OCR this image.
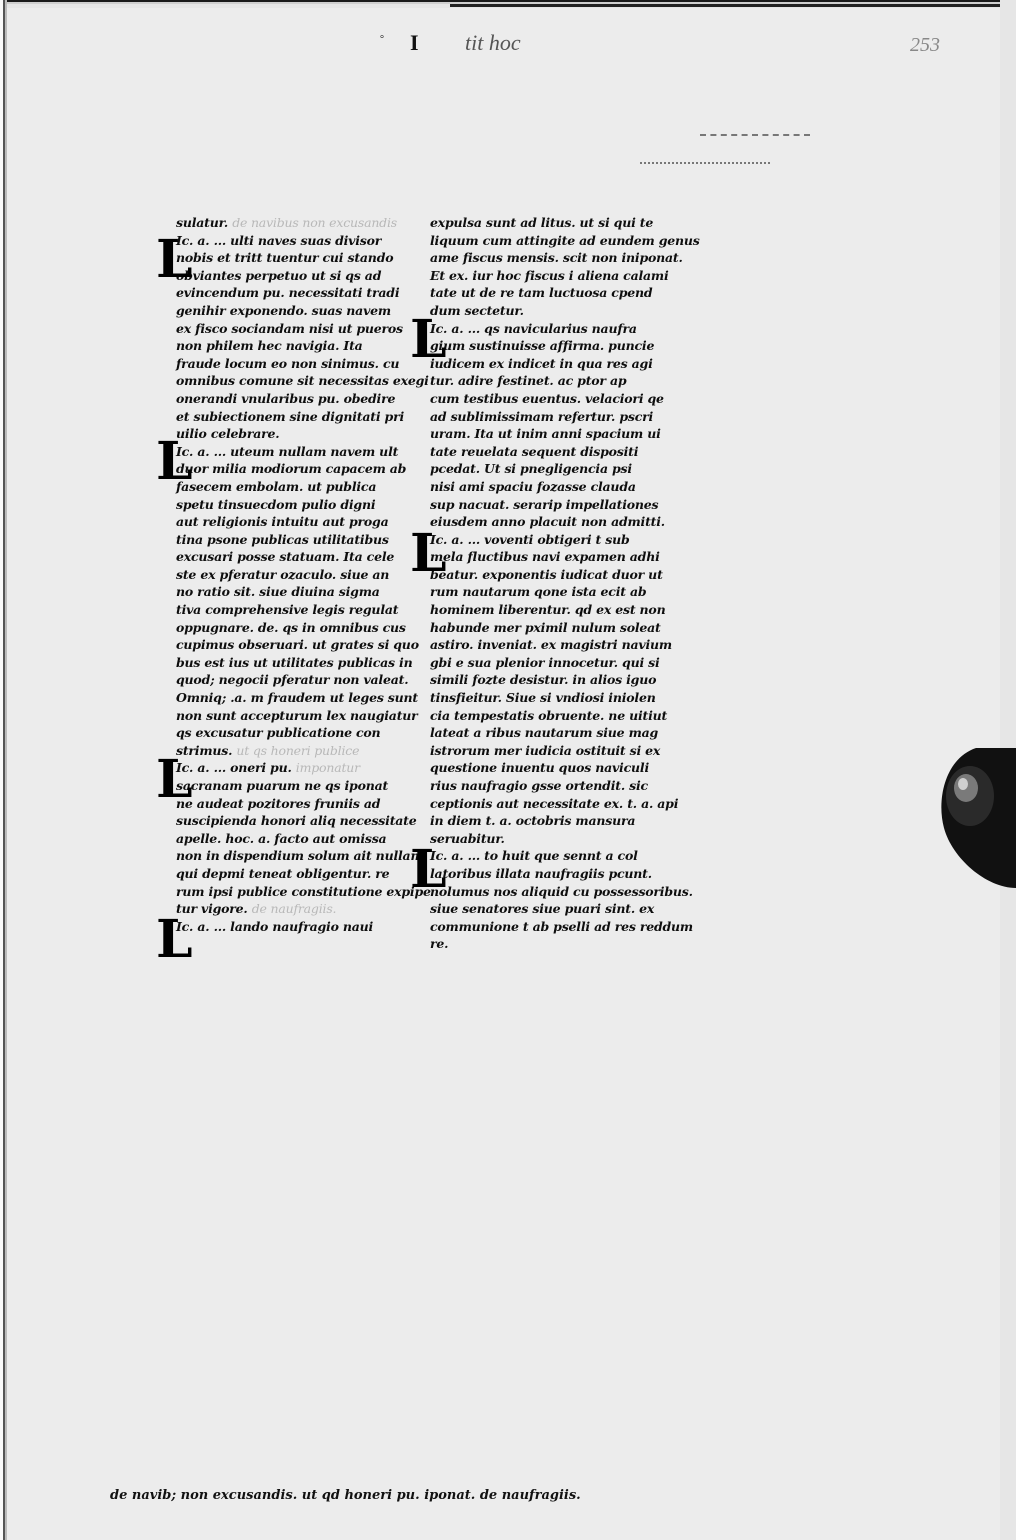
° I tit hoc	253
sulatur. de navibus non excusandis
Ic. a. ... ulti naves suas divisor
nobis et tritt tuentur cui stando
obviantes perpetuo ut si qs ad
evincendum pu. necessitati tradi
genihir exponendo. suas navem
ex fisco sociandam nisi ut pueros
non philem hec navigia. Ita
fraude locum eo non sinimus. cu
omnibus comune sit necessitas exegi
onerandi vnularibus pu. obedire
et subiectionem sine dignitati pri
uilio celebrare.
Ic. a. ... uteum nullam navem ult
duor milia modiorum capacem ab
fasecem embolam. ut publica
spetu tinsuecdom pulio digni
aut religionis intuitu aut proga
tina psone publicas utilitatibus
excusari posse statuam. Ita cele
ste ex pferatur ozaculo. siue an
no ratio sit. siue diuina sigma
tiva comprehensive legis regulat
oppugnare. de. qs in omnibus cus
cupimus obseruari. ut grates si quo
bus est ius ut utilitates publicas in
quod; negocii pferatur non valeat.
Omniq; .a. m fraudem ut leges sunt
non sunt accepturum lex naugiatur
qs excusatur publicatione con
strimus. ut qs honeri publice
Ic. a. ... oneri pu. imponatur
sacranam puarum ne qs iponat
ne audeat pozitores fruniis ad
suscipienda honori aliq necessitate
apelle. hoc. a. facto aut omissa
non in dispendium solum ait nullam
qui depmi teneat obligentur. re
rum ipsi publice constitutione expipe
tur vigore. de naufragiis.
Ic. a. ... lando naufragio naui
expulsa sunt ad litus. ut si qui te
liquum cum attingite ad eundem genus
ame fiscus mensis. scit non iniponat.
Et ex. iur hoc fiscus i aliena calami
tate ut de re tam luctuosa cpend
dum sectetur.
Ic. a. ... qs navicularius naufra
gium sustinuisse affirma. puncie
iudicem ex indicet in qua res agi
tur. adire festinet. ac ptor ap
cum testibus euentus. velaciori qe
ad sublimissimam refertur. pscri
uram. Ita ut inim anni spacium ui
tate reuelata sequent dispositi
pcedat. Ut si pnegligencia psi
nisi ami spaciu fozasse clauda
sup nacuat. serarip impellationes
eiusdem anno placuit non admitti.
Ic. a. ... voventi obtigeri t sub
mela fluctibus navi expamen adhi
beatur. exponentis iudicat duor ut
rum nautarum qone ista ecit ab
hominem liberentur. qd ex est non
habunde mer pximil nulum soleat
astiro. inveniat. ex magistri navium
gbi e sua plenior innocetur. qui si
simili fozte desistur. in alios iguo
tinsfieitur. Siue si vndiosi iniolen
cia tempestatis obruente. ne uitiut
lateat a ribus nautarum siue mag
istrorum mer iudicia ostituit si ex
questione inuentu quos naviculi
rius naufragio gsse ortendit. sic
ceptionis aut necessitate ex. t. a. api
in diem t. a. octobris mansura
seruabitur.
Ic. a. ... to huit que sennt a col
latoribus illata naufragiis pcunt.
nolumus nos aliquid cu possessoribus.
siue senatores siue puari sint. ex
communione t ab pselli ad res reddum
re.
L
L
L
L
L
L
L
de navib; non excusandis. ut qd honeri pu. iponat. de naufragiis.
